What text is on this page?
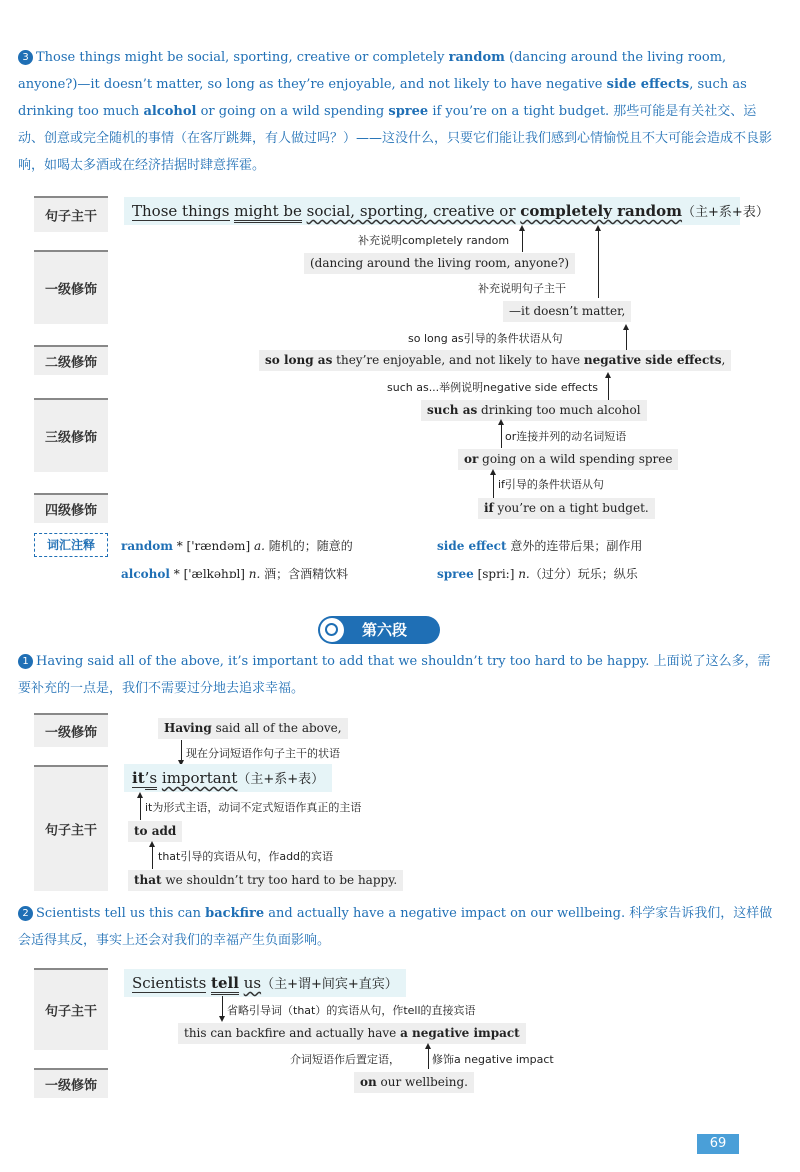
3 Those things might be social, sporting, creative or completely random (dancing around the living room, anyone?)—it doesn’t matter, so long as they’re enjoyable, and not likely to have negative side effects, such as drinking too much alcohol or going on a wild spending spree if you’re on a tight budget. 那些可能是有关社交、运动、创意或完全随机的事情（在客厅跳舞，有人做过吗？）——这没什么，只要它们能让我们感到心情愉悦且不大可能会造成不良影响，如喝太多酒或在经济拮据时肆意挥霍。
句子主干
一级修饰
二级修饰
三级修饰
四级修饰
Those things might be social, sporting, creative or completely random（主+系+表）
补充说明completely random
(dancing around the living room, anyone?)
补充说明句子主干
—it doesn’t matter,
so long as引导的条件状语从句
so long as they’re enjoyable, and not likely to have negative side effects,
such as...举例说明negative side effects
such as drinking too much alcohol
or连接并列的动名词短语
or going on a wild spending spree
if引导的条件状语从句
if you’re on a tight budget.
词汇注释	random * ['rændəm] a. 随机的；随意的	side effect 意外的连带后果；副作用
alcohol * ['ælkəhɒl] n. 酒；含酒精饮料	spree [spri:] n.（过分）玩乐；纵乐
第六段
1 Having said all of the above, it’s important to add that we shouldn’t try too hard to be happy. 上面说了这么多，需要补充的一点是，我们不需要过分地去追求幸福。
一级修饰
句子主干
Having said all of the above,
现在分词短语作句子主干的状语
it’s important（主+系+表）
it为形式主语，动词不定式短语作真正的主语
to add
that引导的宾语从句，作add的宾语
that we shouldn’t try too hard to be happy.
2 Scientists tell us this can backfire and actually have a negative impact on our wellbeing. 科学家告诉我们，这样做会适得其反，事实上还会对我们的幸福产生负面影响。
句子主干
一级修饰
Scientists tell us（主+谓+间宾+直宾）
省略引导词（that）的宾语从句，作tell的直接宾语
this can backfire and actually have a negative impact
介词短语作后置定语，	修饰a negative impact
on our wellbeing.
69
